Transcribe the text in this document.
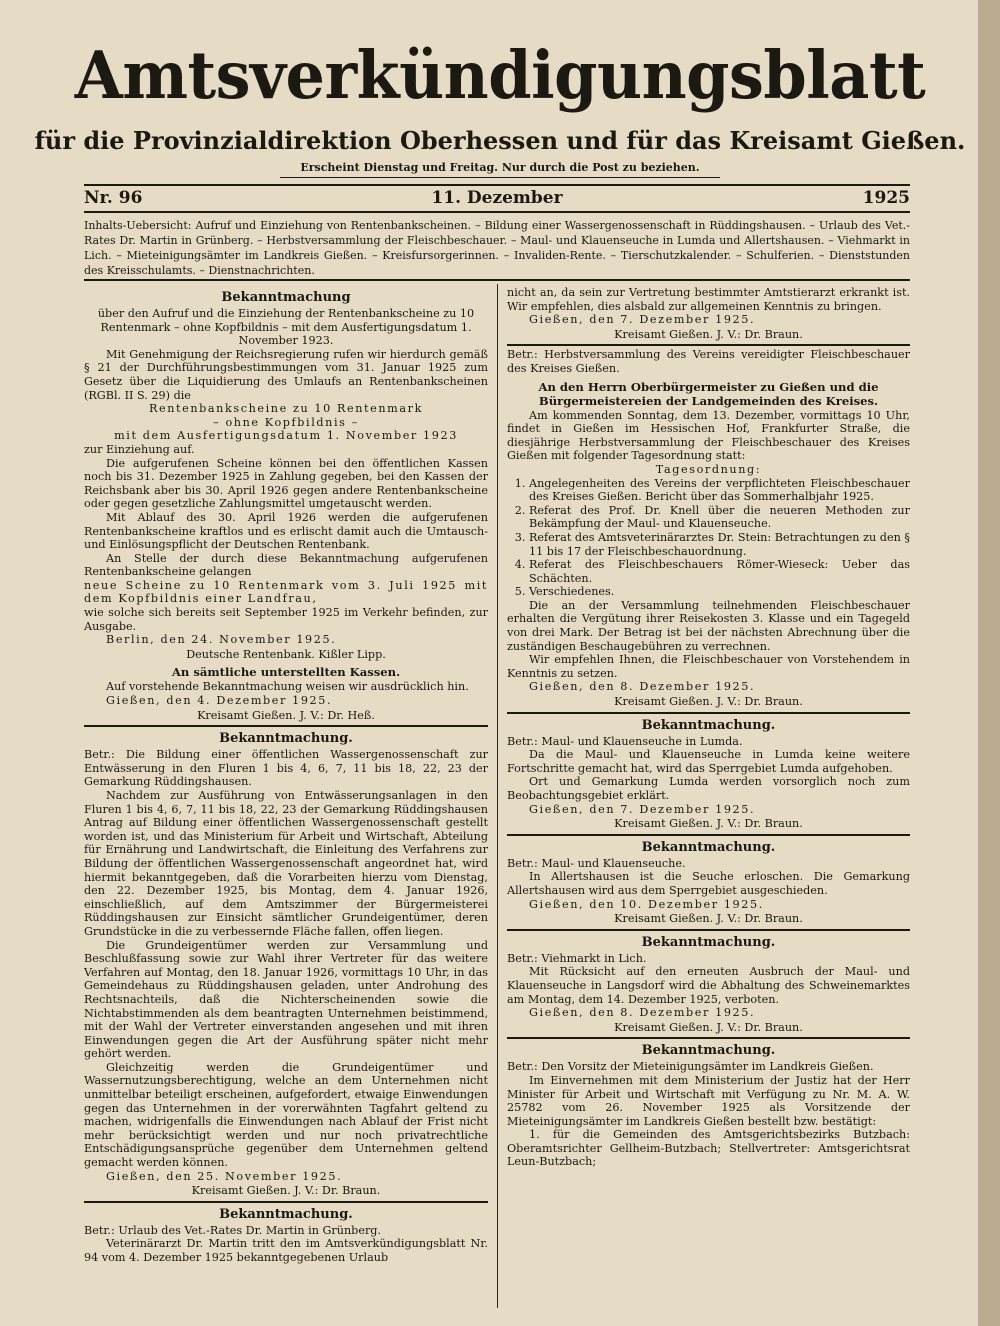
Amtsverkündigungsblatt
für die Provinzialdirektion Oberhessen und für das Kreisamt Gießen.
Erscheint Dienstag und Freitag. Nur durch die Post zu beziehen.
Nr. 96	11. Dezember	1925
Inhalts-Uebersicht: Aufruf und Einziehung von Rentenbankscheinen. – Bildung einer Wassergenossenschaft in Rüddingshausen. – Urlaub des Vet.-Rates Dr. Martin in Grünberg. – Herbstversammlung der Fleischbeschauer. – Maul- und Klauenseuche in Lumda und Allertshausen. – Viehmarkt in Lich. – Mieteinigungsämter im Landkreis Gießen. – Kreisfursorgerinnen. – Invaliden-Rente. – Tierschutzkalender. – Schulferien. – Dienststunden des Kreisschulamts. – Dienstnachrichten.
Bekanntmachung

über den Aufruf und die Einziehung der Rentenbankscheine zu 10 Rentenmark – ohne Kopfbildnis – mit dem Ausfertigungsdatum 1. November 1923.

Mit Genehmigung der Reichsregierung rufen wir hierdurch gemäß § 21 der Durchführungsbestimmungen vom 31. Januar 1925 zum Gesetz über die Liquidierung des Umlaufs an Rentenbankscheinen (RGBl. II S. 29) die

Rentenbankscheine zu 10 Rentenmark

– ohne Kopfbildnis –

mit dem Ausfertigungsdatum 1. November 1923

zur Einziehung auf.

Die aufgerufenen Scheine können bei den öffentlichen Kassen noch bis 31. Dezember 1925 in Zahlung gegeben, bei den Kassen der Reichsbank aber bis 30. April 1926 gegen andere Rentenbankscheine oder gegen gesetzliche Zahlungsmittel umgetauscht werden.

Mit Ablauf des 30. April 1926 werden die aufgerufenen Rentenbankscheine kraftlos und es erlischt damit auch die Umtausch- und Einlösungspflicht der Deutschen Rentenbank.

An Stelle der durch diese Bekanntmachung aufgerufenen Rentenbankscheine gelangen

neue Scheine zu 10 Rentenmark vom 3. Juli 1925 mit dem Kopfbildnis einer Landfrau,

wie solche sich bereits seit September 1925 im Verkehr befinden, zur Ausgabe.

Berlin, den 24. November 1925.

Deutsche Rentenbank. Kißler Lipp.

An sämtliche unterstellten Kassen.

Auf vorstehende Bekanntmachung weisen wir ausdrücklich hin.

Gießen, den 4. Dezember 1925.

Kreisamt Gießen. J. V.: Dr. Heß.

Bekanntmachung.

Betr.: Die Bildung einer öffentlichen Wassergenossenschaft zur Entwässerung in den Fluren 1 bis 4, 6, 7, 11 bis 18, 22, 23 der Gemarkung Rüddingshausen.

Nachdem zur Ausführung von Entwässerungsanlagen in den Fluren 1 bis 4, 6, 7, 11 bis 18, 22, 23 der Gemarkung Rüddingshausen Antrag auf Bildung einer öffentlichen Wassergenossenschaft gestellt worden ist, und das Ministerium für Arbeit und Wirtschaft, Abteilung für Ernährung und Landwirtschaft, die Einleitung des Verfahrens zur Bildung der öffentlichen Wassergenossenschaft angeordnet hat, wird hiermit bekanntgegeben, daß die Vorarbeiten hierzu vom Dienstag, den 22. Dezember 1925, bis Montag, dem 4. Januar 1926, einschließlich, auf dem Amtszimmer der Bürgermeisterei Rüddingshausen zur Einsicht sämtlicher Grundeigentümer, deren Grundstücke in die zu verbessernde Fläche fallen, offen liegen.

Die Grundeigentümer werden zur Versammlung und Beschlußfassung sowie zur Wahl ihrer Vertreter für das weitere Verfahren auf Montag, den 18. Januar 1926, vormittags 10 Uhr, in das Gemeindehaus zu Rüddingshausen geladen, unter Androhung des Rechtsnachteils, daß die Nichterscheinenden sowie die Nichtabstimmenden als dem beantragten Unternehmen beistimmend, mit der Wahl der Vertreter einverstanden angesehen und mit ihren Einwendungen gegen die Art der Ausführung später nicht mehr gehört werden.

Gleichzeitig werden die Grundeigentümer und Wassernutzungsberechtigung, welche an dem Unternehmen nicht unmittelbar beteiligt erscheinen, aufgefordert, etwaige Einwendungen gegen das Unternehmen in der vorerwähnten Tagfahrt geltend zu machen, widrigenfalls die Einwendungen nach Ablauf der Frist nicht mehr berücksichtigt werden und nur noch privatrechtliche Entschädigungsansprüche gegenüber dem Unternehmen geltend gemacht werden können.

Gießen, den 25. November 1925.

Kreisamt Gießen. J. V.: Dr. Braun.

Bekanntmachung.

Betr.: Urlaub des Vet.-Rates Dr. Martin in Grünberg.

Veterinärarzt Dr. Martin tritt den im Amtsverkündigungsblatt Nr. 94 vom 4. Dezember 1925 bekanntgegebenen Urlaub

nicht an, da sein zur Vertretung bestimmter Amtstierarzt erkrankt ist. Wir empfehlen, dies alsbald zur allgemeinen Kenntnis zu bringen.

Gießen, den 7. Dezember 1925.

Kreisamt Gießen. J. V.: Dr. Braun.

Betr.: Herbstversammlung des Vereins vereidigter Fleischbeschauer des Kreises Gießen.

An den Herrn Oberbürgermeister zu Gießen und die Bürgermeistereien der Landgemeinden des Kreises.

Am kommenden Sonntag, dem 13. Dezember, vormittags 10 Uhr, findet in Gießen im Hessischen Hof, Frankfurter Straße, die diesjährige Herbstversammlung der Fleischbeschauer des Kreises Gießen mit folgender Tagesordnung statt:

Tagesordnung:

1. Angelegenheiten des Vereins der verpflichteten Fleischbeschauer des Kreises Gießen. Bericht über das Sommerhalbjahr 1925.
2. Referat des Prof. Dr. Knell über die neueren Methoden zur Bekämpfung der Maul- und Klauenseuche.
3. Referat des Amtsveterinärarztes Dr. Stein: Betrachtungen zu den § 11 bis 17 der Fleischbeschauordnung.
4. Referat des Fleischbeschauers Römer-Wieseck: Ueber das Schächten.
5. Verschiedenes.

Die an der Versammlung teilnehmenden Fleischbeschauer erhalten die Vergütung ihrer Reisekosten 3. Klasse und ein Tagegeld von drei Mark. Der Betrag ist bei der nächsten Abrechnung über die zuständigen Beschaugebühren zu verrechnen.

Wir empfehlen Ihnen, die Fleischbeschauer von Vorstehendem in Kenntnis zu setzen.

Gießen, den 8. Dezember 1925.

Kreisamt Gießen. J. V.: Dr. Braun.

Bekanntmachung.

Betr.: Maul- und Klauenseuche in Lumda.

Da die Maul- und Klauenseuche in Lumda keine weitere Fortschritte gemacht hat, wird das Sperrgebiet Lumda aufgehoben.

Ort und Gemarkung Lumda werden vorsorglich noch zum Beobachtungsgebiet erklärt.

Gießen, den 7. Dezember 1925.

Kreisamt Gießen. J. V.: Dr. Braun.

Bekanntmachung.

Betr.: Maul- und Klauenseuche.

In Allertshausen ist die Seuche erloschen. Die Gemarkung Allertshausen wird aus dem Sperrgebiet ausgeschieden.

Gießen, den 10. Dezember 1925.

Kreisamt Gießen. J. V.: Dr. Braun.

Bekanntmachung.

Betr.: Viehmarkt in Lich.

Mit Rücksicht auf den erneuten Ausbruch der Maul- und Klauenseuche in Langsdorf wird die Abhaltung des Schweinemarktes am Montag, dem 14. Dezember 1925, verboten.

Gießen, den 8. Dezember 1925.

Kreisamt Gießen. J. V.: Dr. Braun.

Bekanntmachung.

Betr.: Den Vorsitz der Mieteinigungsämter im Landkreis Gießen.

Im Einvernehmen mit dem Ministerium der Justiz hat der Herr Minister für Arbeit und Wirtschaft mit Verfügung zu Nr. M. A. W. 25782 vom 26. November 1925 als Vorsitzende der Mieteinigungsämter im Landkreis Gießen bestellt bzw. bestätigt:

1. für die Gemeinden des Amtsgerichtsbezirks Butzbach: Oberamtsrichter Gellheim-Butzbach; Stellvertreter: Amtsgerichtsrat Leun-Butzbach;
